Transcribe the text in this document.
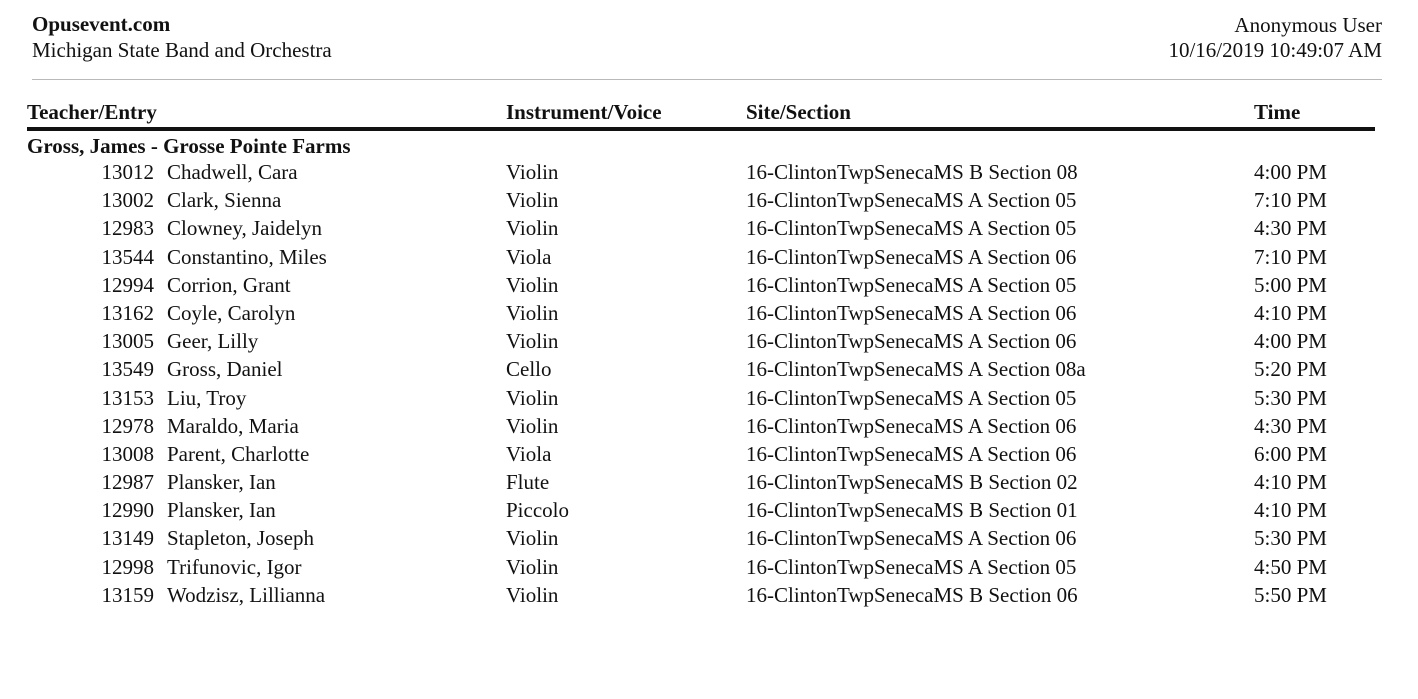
Opusevent.com
Michigan State Band and Orchestra
Anonymous User
10/16/2019 10:49:07 AM
Teacher/Entry	Instrument/Voice	Site/Section	Time
Gross, James - Grosse Pointe Farms
13012 Chadwell, Cara	Violin	16-ClintonTwpSenecaMS B Section 08	4:00 PM
13002 Clark, Sienna	Violin	16-ClintonTwpSenecaMS A Section 05	7:10 PM
12983 Clowney, Jaidelyn	Violin	16-ClintonTwpSenecaMS A Section 05	4:30 PM
13544 Constantino, Miles	Viola	16-ClintonTwpSenecaMS A Section 06	7:10 PM
12994 Corrion, Grant	Violin	16-ClintonTwpSenecaMS A Section 05	5:00 PM
13162 Coyle, Carolyn	Violin	16-ClintonTwpSenecaMS A Section 06	4:10 PM
13005 Geer, Lilly	Violin	16-ClintonTwpSenecaMS A Section 06	4:00 PM
13549 Gross, Daniel	Cello	16-ClintonTwpSenecaMS A Section 08a	5:20 PM
13153 Liu, Troy	Violin	16-ClintonTwpSenecaMS A Section 05	5:30 PM
12978 Maraldo, Maria	Violin	16-ClintonTwpSenecaMS A Section 06	4:30 PM
13008 Parent, Charlotte	Viola	16-ClintonTwpSenecaMS A Section 06	6:00 PM
12987 Plansker, Ian	Flute	16-ClintonTwpSenecaMS B Section 02	4:10 PM
12990 Plansker, Ian	Piccolo	16-ClintonTwpSenecaMS B Section 01	4:10 PM
13149 Stapleton, Joseph	Violin	16-ClintonTwpSenecaMS A Section 06	5:30 PM
12998 Trifunovic, Igor	Violin	16-ClintonTwpSenecaMS A Section 05	4:50 PM
13159 Wodzisz, Lillianna	Violin	16-ClintonTwpSenecaMS B Section 06	5:50 PM
